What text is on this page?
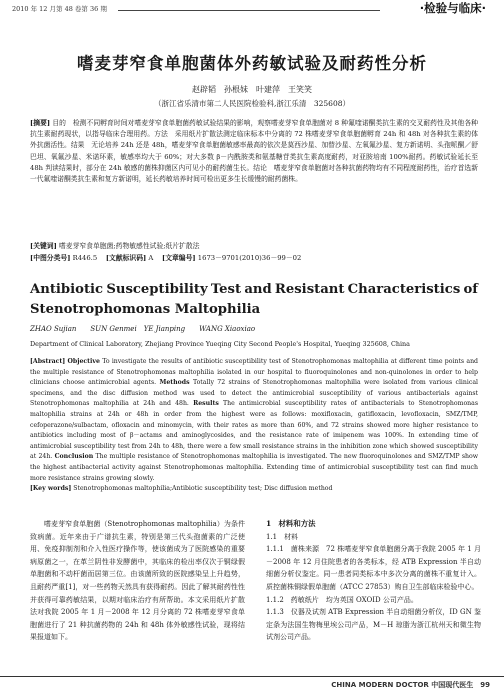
2010 年 12 月第 48 卷第 36 期	·检验与临床·
嗜麦芽窄食单胞菌体外药敏试验及耐药性分析
赵辟韬　孙根妹　叶建萍　王笑笑
（浙江省乐清市第二人民医院检验科,浙江乐清　325608）
[摘要] 目的　检测不同孵育时间对嗜麦芽窄食单胞菌药敏试验结果的影响，观察嗜麦芽窄食单胞菌对 8 种氟喹诺酮类抗生素的交叉耐药性及其他各种抗生素耐药现状，以指导临床合理用药。方法　采用纸片扩散法测定临床标本中分离的 72 株嗜麦芽窄食单胞菌孵育 24h 和 48h 对各种抗生素的体外抗菌活性。结果　无论培养 24h 还是 48h，嗜麦芽窄食单胞菌敏感率最高的依次是莫西沙星、加替沙星、左氧氟沙星、复方新诺明、头孢哌酮／舒巴坦、氧氟沙星、米诺环素，敏感率均大于 60%；对大多数 β－内酰胺类和氨基糖苷类抗生素高度耐药，对亚胺培南 100%耐药。药敏试验延长至 48h 判读结果时，部分在 24h 敏感的菌株抑菌区内可见小的耐药菌生长。结论　嗜麦芽窄食单胞菌对各种抗菌药物均有不同程度耐药性，治疗首选新一代氟喹诺酮类抗生素和复方新诺明，延长药敏培养时间可检出更多生长缓慢的耐药菌株。
[关键词] 嗜麦芽窄食单胞菌;药物敏感性试验;纸片扩散法
[中图分类号] R446.5 [文献标识码] A [文章编号] 1673－9701(2010)36－99－02
Antibiotic Susceptibility Test and Resistant Characteristics of
Stenotrophomonas Maltophilia
ZHAO Sujian　　SUN Genmei　YE Jianping　　WANG Xiaoxiao
Department of Clinical Laboratory, Zhejiang Province Yueqing City Second People's Hospital, Yueqing 325608, China
[Abstract] Objective To investigate the results of antibiotic susceptibility test of Stenotrophomonas maltophilia at different time points and the multiple resistance of Stenotrophomonas maltophilia isolated in our hospital to fluoroquinolones and non-quinolones in order to help clinicians choose antimicrobial agents. Methods Totally 72 strains of Stenotrophomonas maltophilia were isolated from various clinical specimens, and the disc diffusion method was used to detect the antimicrobial susceptibility of various antibacterials against Stenotrophomonas maltophilia at 24h and 48h. Results The antimicrobial susceptibility rates of antibacterials to Stenotrophomonas maltophilia strains at 24h or 48h in order from the highest were as follows: moxifloxacin, gatifloxacin, levofloxacin, SMZ/TMP, cefoperazone/sulbactam, ofloxacin and minomycin, with their rates as more than 60%, and 72 strains showed more higher resistance to antibiotics including most of β－actams and aminoglycosides, and the resistance rate of imipenem was 100%. In extending time of antimicrobial susceptibility test from 24h to 48h, there were a few small resistance strains in the inhibition zone which showed susceptibility at 24h. Conclusion The multiple resistance of Stenotrophomonas maltophilia is investigated. The new fluoroquinolones and SMZ/TMP show the highest antibacterial activity against Stenotrophomonas maltophilia. Extending time of antimicrobial susceptibility test can find much more resistance strains growing slowly.
[Key words] Stenotrophomonas maltophilia;Antibiotic susceptibility test; Disc diffusion method
嗜麦芽窄食单胞菌（Stenotrophomonas maltophilia）为条件致病菌。近年来由于广谱抗生素，特别是第三代头孢菌素的广泛使用、免疫抑制剂和介入性医疗操作等，使该菌成为了医院感染的重要病原菌之一，在革兰阴性非发酵菌中，其临床的检出率仅次于铜绿假单胞菌和不动杆菌而居第三位。由该菌所致的医院感染呈上升趋势，且耐药严重[1]，对一些药物天然具有获得耐药。因此了解其耐药性性并获得可靠药敏结果，以期对临床治疗有所帮助。本文采用纸片扩散法对我院 2005 年 1 月－2008 年 12 月分离的 72 株嗜麦芽窄食单胞菌进行了 21 种抗菌药物的 24h 和 48h 体外敏感性试验，现将结果报道如下。
1　材料和方法
1.1　材料
1.1.1　菌株来源　72 株嗜麦芽窄食单胞菌分离于我院 2005 年 1 月－2008 年 12 月住院患者的各类标本，经 ATB Expression 半自动细菌分析仪鉴定。同一患者同类标本中多次分离的菌株不重复计入。质控菌株铜绿假单胞菌（ATCC 27853）购自卫生部临床检验中心。
1.1.2　药敏纸片　均为英国 OXOID 公司产品。
1.1.3　仪器及试剂 ATB Expression 半自动细菌分析仪，ID GN 鉴定条为法国生物梅里埃公司产品，M－H 琼脂为浙江杭州天和微生物试剂公司产品。
CHINA MODERN DOCTOR 中国现代医生　99
